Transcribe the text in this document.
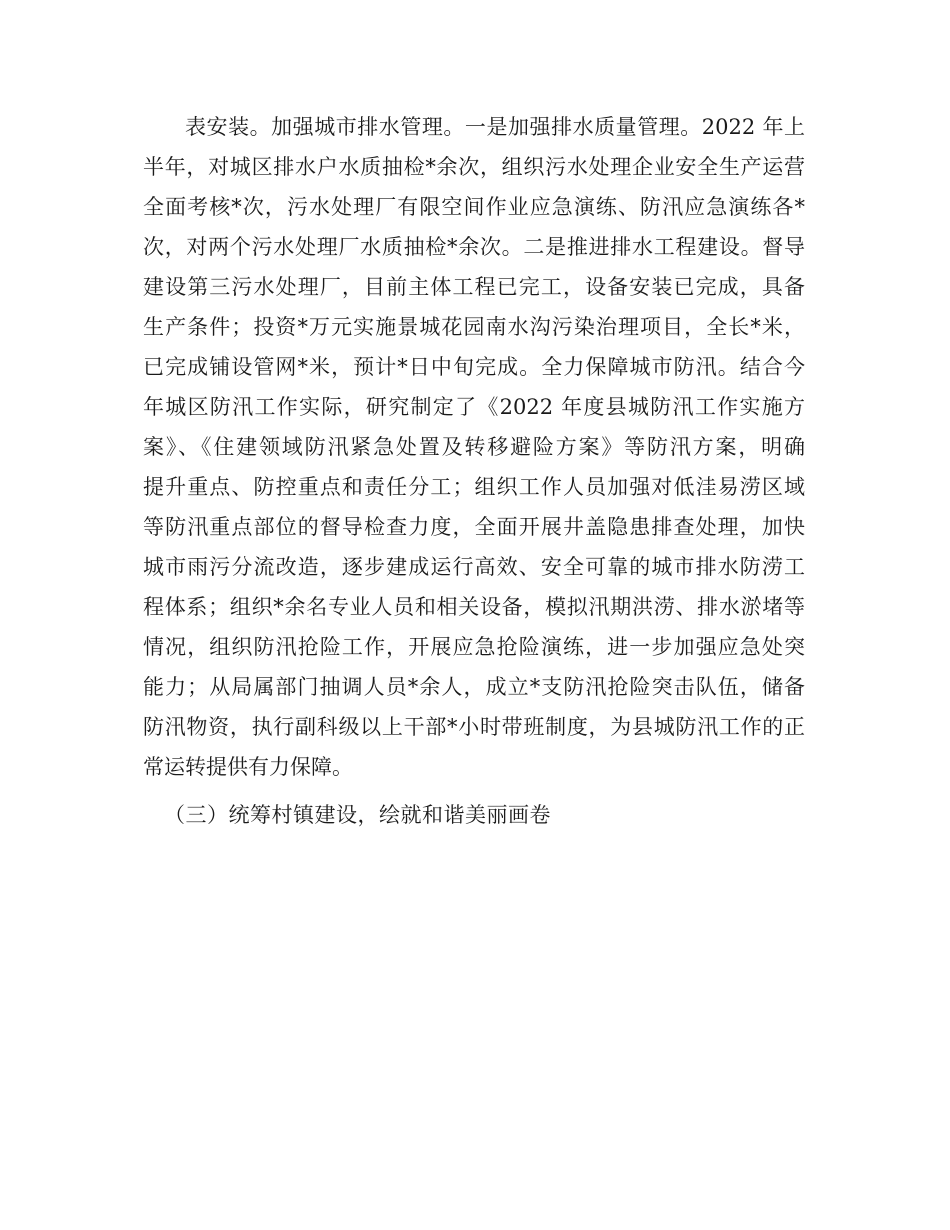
表安装。加强城市排水管理。一是加强排水质量管理。2022 年上
半年，对城区排水户水质抽检*余次，组织污水处理企业安全生产运营
全面考核*次，污水处理厂有限空间作业应急演练、防汛应急演练各*
次，对两个污水处理厂水质抽检*余次。二是推进排水工程建设。督导
建设第三污水处理厂，目前主体工程已完工，设备安装已完成，具备
生产条件；投资*万元实施景城花园南水沟污染治理项目，全长*米，
已完成铺设管网*米，预计*日中旬完成。全力保障城市防汛。结合今
年城区防汛工作实际，研究制定了《2022 年度县城防汛工作实施方
案》、《住建领域防汛紧急处置及转移避险方案》等防汛方案，明确
提升重点、防控重点和责任分工；组织工作人员加强对低洼易涝区域
等防汛重点部位的督导检查力度，全面开展井盖隐患排查处理，加快
城市雨污分流改造，逐步建成运行高效、安全可靠的城市排水防涝工
程体系；组织*余名专业人员和相关设备，模拟汛期洪涝、排水淤堵等
情况，组织防汛抢险工作，开展应急抢险演练，进一步加强应急处突
能力；从局属部门抽调人员*余人，成立*支防汛抢险突击队伍，储备
防汛物资，执行副科级以上干部*小时带班制度，为县城防汛工作的正
常运转提供有力保障。
（三）统筹村镇建设，绘就和谐美丽画卷
